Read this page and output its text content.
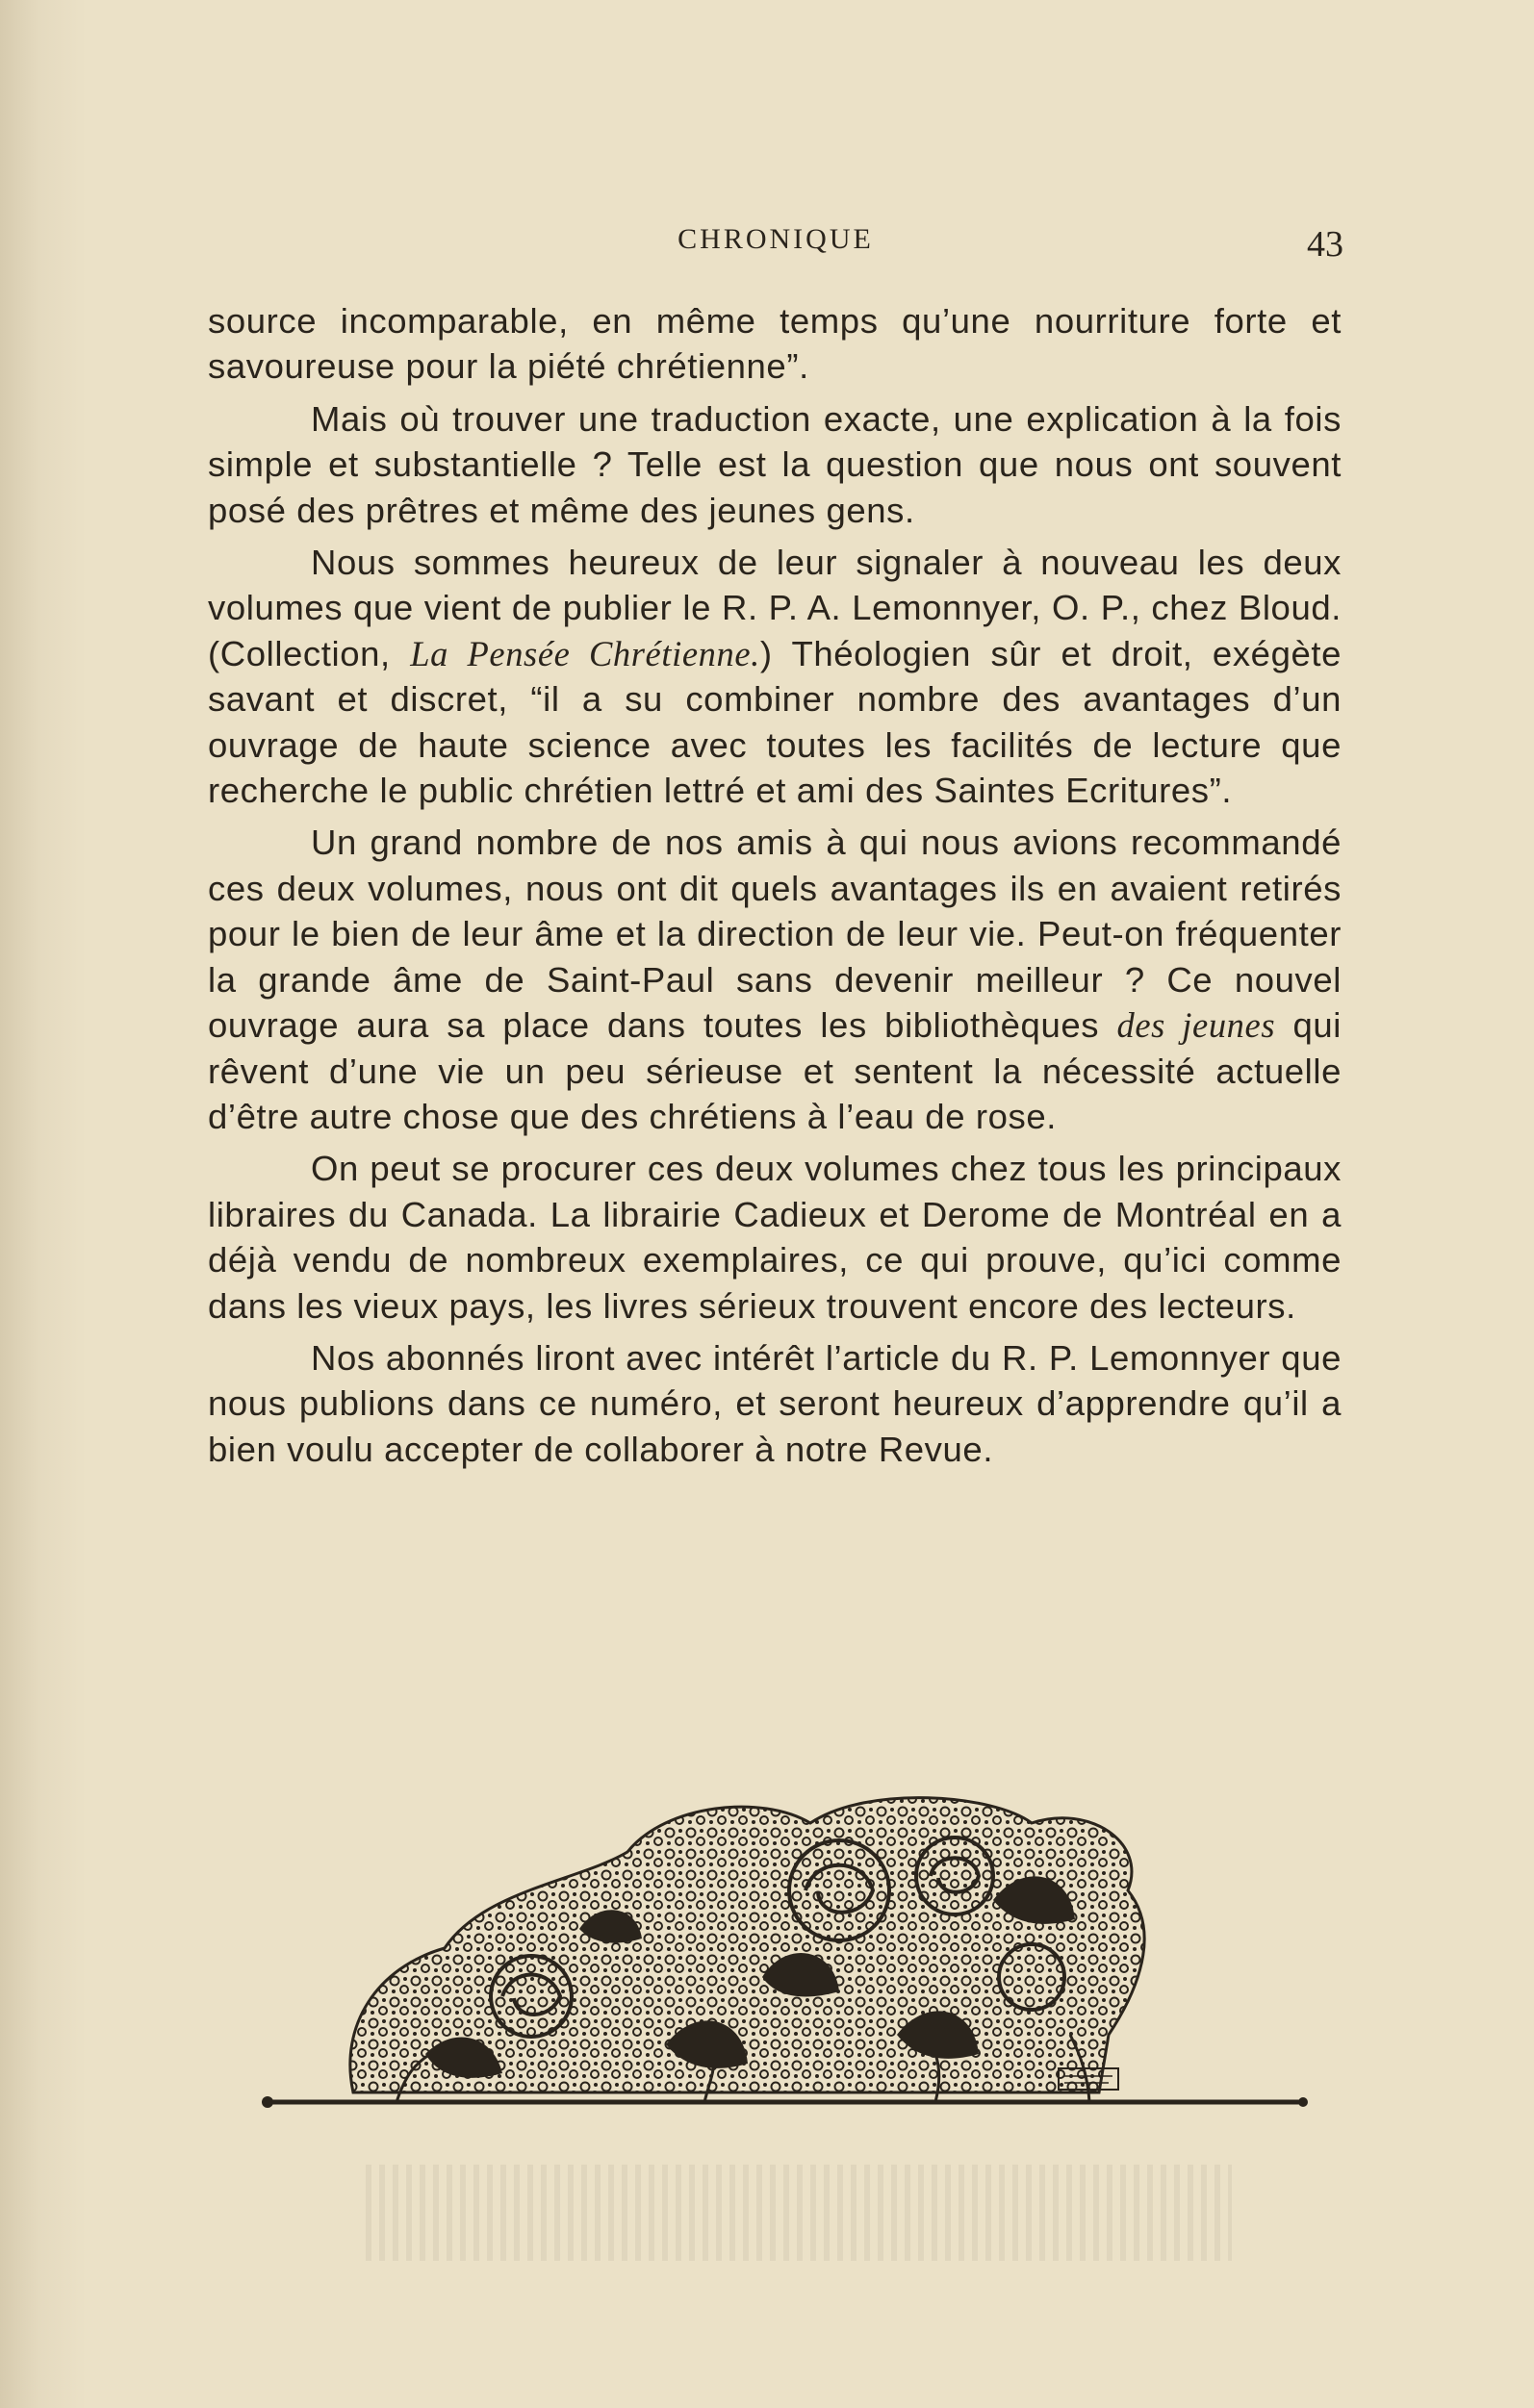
CHRONIQUE	43

source incomparable, en même temps qu’une nourriture forte et savoureuse pour la piété chrétienne”.

Mais où trouver une traduction exacte, une explication à la fois simple et substantielle ? Telle est la question que nous ont souvent posé des prêtres et même des jeunes gens.

Nous sommes heureux de leur signaler à nouveau les deux volumes que vient de publier le R. P. A. Lemonnyer, O. P., chez Bloud. (Collection, La Pensée Chrétienne.) Théologien sûr et droit, exégète savant et discret, “il a su combiner nombre des avantages d’un ouvrage de haute science avec toutes les facilités de lecture que recherche le public chrétien lettré et ami des Saintes Ecritures”.

Un grand nombre de nos amis à qui nous avions recommandé ces deux volumes, nous ont dit quels avantages ils en avaient retirés pour le bien de leur âme et la direction de leur vie. Peut-on fréquenter la grande âme de Saint-Paul sans devenir meilleur ? Ce nouvel ouvrage aura sa place dans toutes les bibliothèques des jeunes qui rêvent d’une vie un peu sérieuse et sentent la nécessité actuelle d’être autre chose que des chrétiens à l’eau de rose.

On peut se procurer ces deux volumes chez tous les principaux libraires du Canada. La librairie Cadieux et Derome de Montréal en a déjà vendu de nombreux exemplaires, ce qui prouve, qu’ici comme dans les vieux pays, les livres sérieux trouvent encore des lecteurs.

Nos abonnés liront avec intérêt l’article du R. P. Lemonnyer que nous publions dans ce numéro, et seront heureux d’apprendre qu’il a bien voulu accepter de collaborer à notre Revue.
